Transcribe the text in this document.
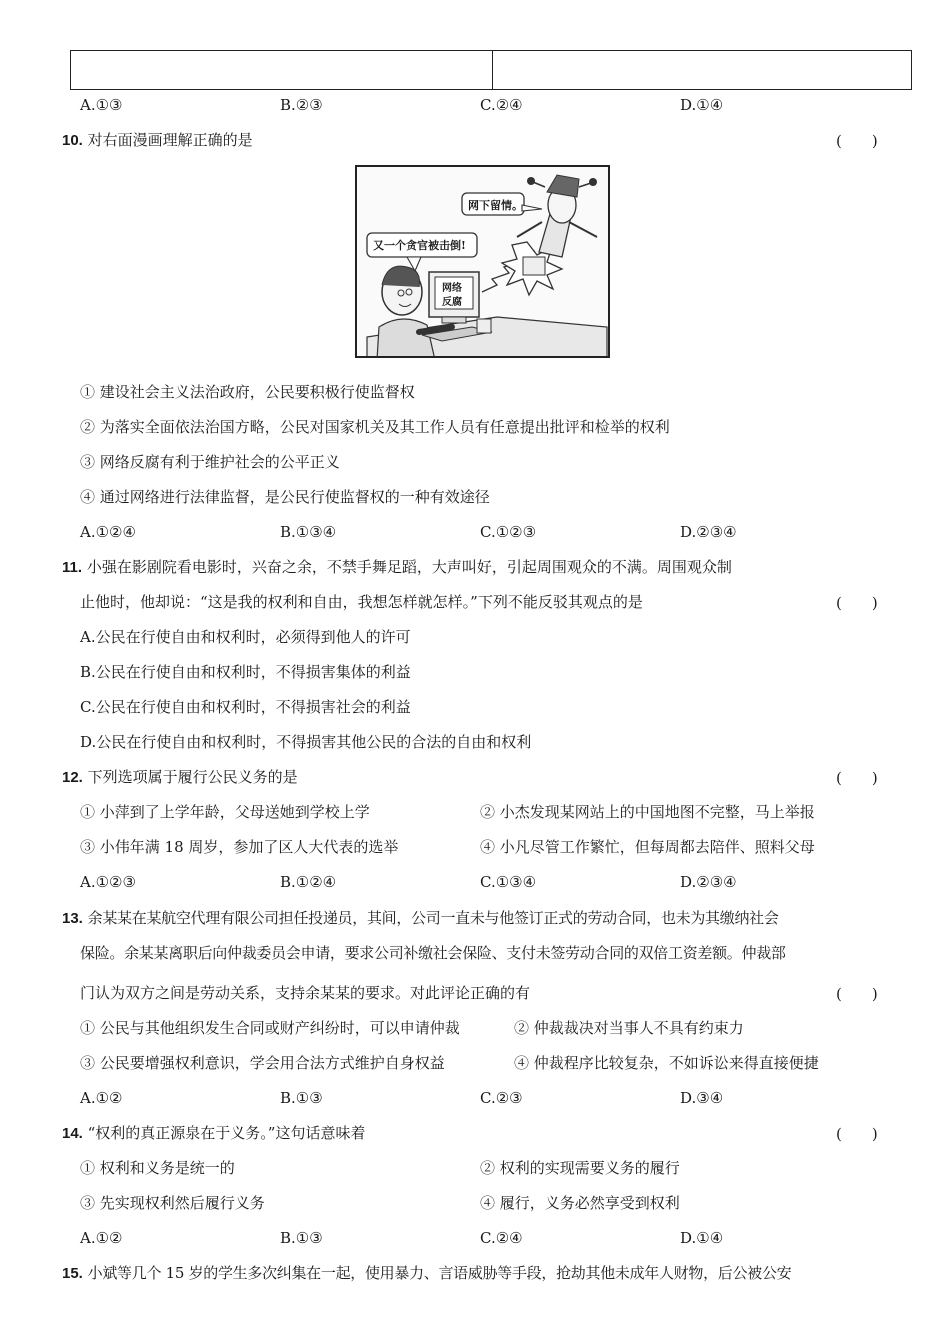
A.①③	B.②③	C.②④	D.①④
10. 对右面漫画理解正确的是	(　　)
网下留情。
又一个贪官被击倒!
网络
反腐
① 建设社会主义法治政府，公民要积极行使监督权
② 为落实全面依法治国方略，公民对国家机关及其工作人员有任意提出批评和检举的权利
③ 网络反腐有利于维护社会的公平正义
④ 通过网络进行法律监督，是公民行使监督权的一种有效途径
A.①②④	B.①③④	C.①②③	D.②③④
11. 小强在影剧院看电影时，兴奋之余，不禁手舞足蹈，大声叫好，引起周围观众的不满。周围观众制
止他时，他却说：“这是我的权利和自由，我想怎样就怎样。”下列不能反驳其观点的是	(　　)
A.公民在行使自由和权利时，必须得到他人的许可
B.公民在行使自由和权利时，不得损害集体的利益
C.公民在行使自由和权利时，不得损害社会的利益
D.公民在行使自由和权利时，不得损害其他公民的合法的自由和权利
12. 下列选项属于履行公民义务的是	(　　)
① 小萍到了上学年龄，父母送她到学校上学	② 小杰发现某网站上的中国地图不完整，马上举报
③ 小伟年满 18 周岁，参加了区人大代表的选举	④ 小凡尽管工作繁忙，但每周都去陪伴、照料父母
A.①②③	B.①②④	C.①③④	D.②③④
13. 余某某在某航空代理有限公司担任投递员，其间，公司一直未与他签订正式的劳动合同，也未为其缴纳社会
保险。余某某离职后向仲裁委员会申请，要求公司补缴社会保险、支付未签劳动合同的双倍工资差额。仲裁部
门认为双方之间是劳动关系，支持余某某的要求。对此评论正确的有	(　　)
① 公民与其他组织发生合同或财产纠纷时，可以申请仲裁	② 仲裁裁决对当事人不具有约束力
③ 公民要增强权利意识，学会用合法方式维护自身权益	④ 仲裁程序比较复杂，不如诉讼来得直接便捷
A.①②	B.①③	C.②③	D.③④
14. “权利的真正源泉在于义务。”这句话意味着	(　　)
① 权利和义务是统一的	② 权利的实现需要义务的履行
③ 先实现权利然后履行义务	④ 履行，义务必然享受到权利
A.①②	B.①③	C.②④	D.①④
15. 小斌等几个 15 岁的学生多次纠集在一起，使用暴力、言语威胁等手段，抢劫其他未成年人财物，后公被公安
